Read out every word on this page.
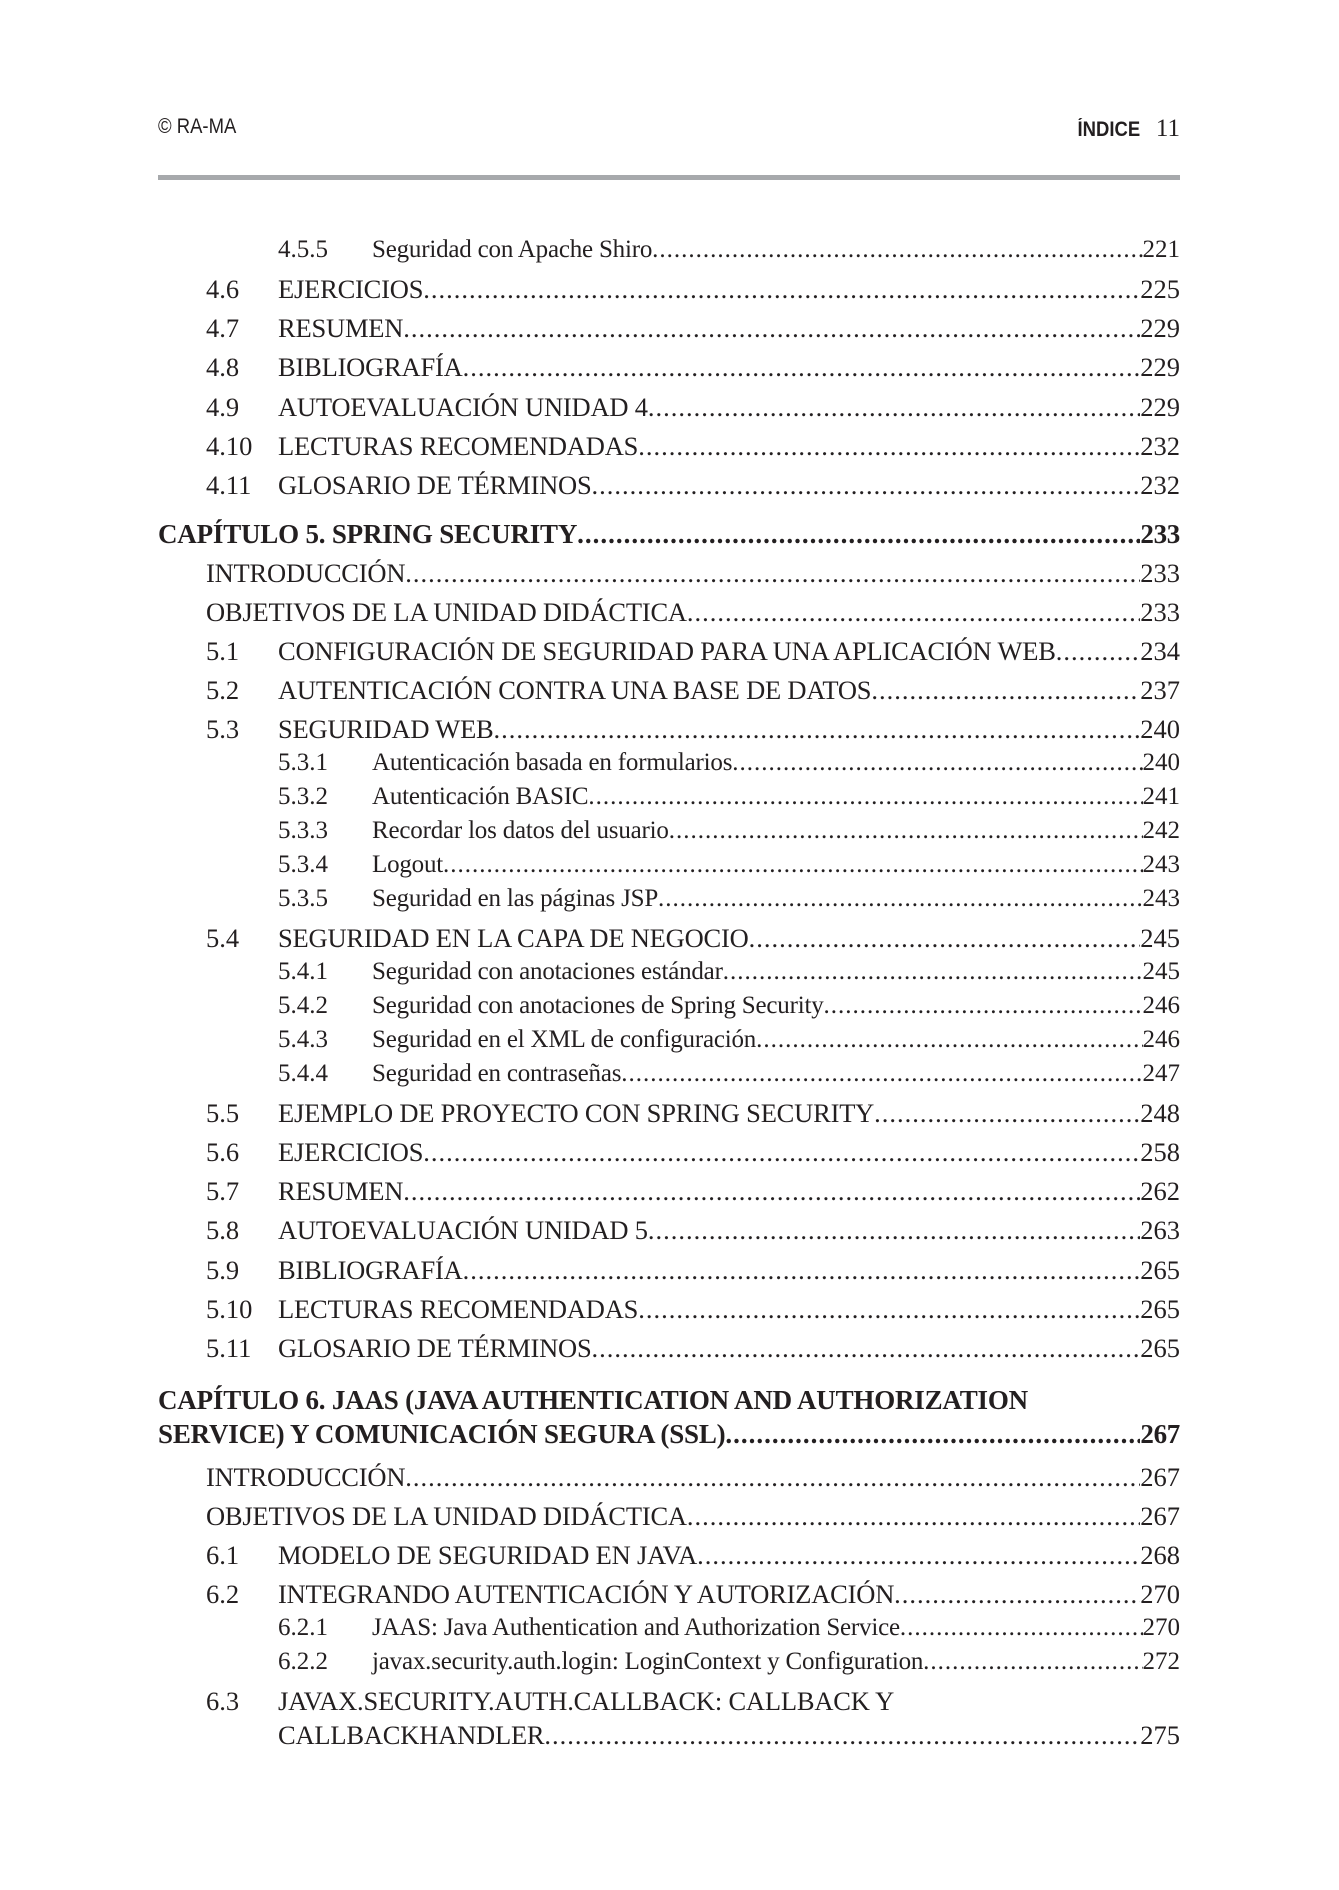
© RA-MA	ÍNDICE 11
4.5.5 Seguridad con Apache Shiro .....	221
4.6 EJERCICIOS .....	225
4.7 RESUMEN .....	229
4.8 BIBLIOGRAFÍA .....	229
4.9 AUTOEVALUACIÓN UNIDAD 4 .....	229
4.10 LECTURAS RECOMENDADAS .....	232
4.11 GLOSARIO DE TÉRMINOS .....	232
CAPÍTULO 5. SPRING SECURITY .....	233
INTRODUCCIÓN .....	233
OBJETIVOS DE LA UNIDAD DIDÁCTICA .....	233
5.1 CONFIGURACIÓN DE SEGURIDAD PARA UNA APLICACIÓN WEB .....	234
5.2 AUTENTICACIÓN CONTRA UNA BASE DE DATOS .....	237
5.3 SEGURIDAD WEB .....	240
5.3.1 Autenticación basada en formularios .....	240
5.3.2 Autenticación BASIC .....	241
5.3.3 Recordar los datos del usuario .....	242
5.3.4 Logout .....	243
5.3.5 Seguridad en las páginas JSP .....	243
5.4 SEGURIDAD EN LA CAPA DE NEGOCIO .....	245
5.4.1 Seguridad con anotaciones estándar .....	245
5.4.2 Seguridad con anotaciones de Spring Security .....	246
5.4.3 Seguridad en el XML de configuración .....	246
5.4.4 Seguridad en contraseñas .....	247
5.5 EJEMPLO DE PROYECTO CON SPRING SECURITY .....	248
5.6 EJERCICIOS .....	258
5.7 RESUMEN .....	262
5.8 AUTOEVALUACIÓN UNIDAD 5 .....	263
5.9 BIBLIOGRAFÍA .....	265
5.10 LECTURAS RECOMENDADAS .....	265
5.11 GLOSARIO DE TÉRMINOS .....	265
CAPÍTULO 6. JAAS (JAVA AUTHENTICATION AND AUTHORIZATION
SERVICE) Y COMUNICACIÓN SEGURA (SSL) .....	267
INTRODUCCIÓN .....	267
OBJETIVOS DE LA UNIDAD DIDÁCTICA .....	267
6.1 MODELO DE SEGURIDAD EN JAVA .....	268
6.2 INTEGRANDO AUTENTICACIÓN Y AUTORIZACIÓN .....	270
6.2.1 JAAS: Java Authentication and Authorization Service .....	270
6.2.2 javax.security.auth.login: LoginContext y Configuration .....	272
6.3 JAVAX.SECURITY.AUTH.CALLBACK: CALLBACK Y
CALLBACKHANDLER .....	275
